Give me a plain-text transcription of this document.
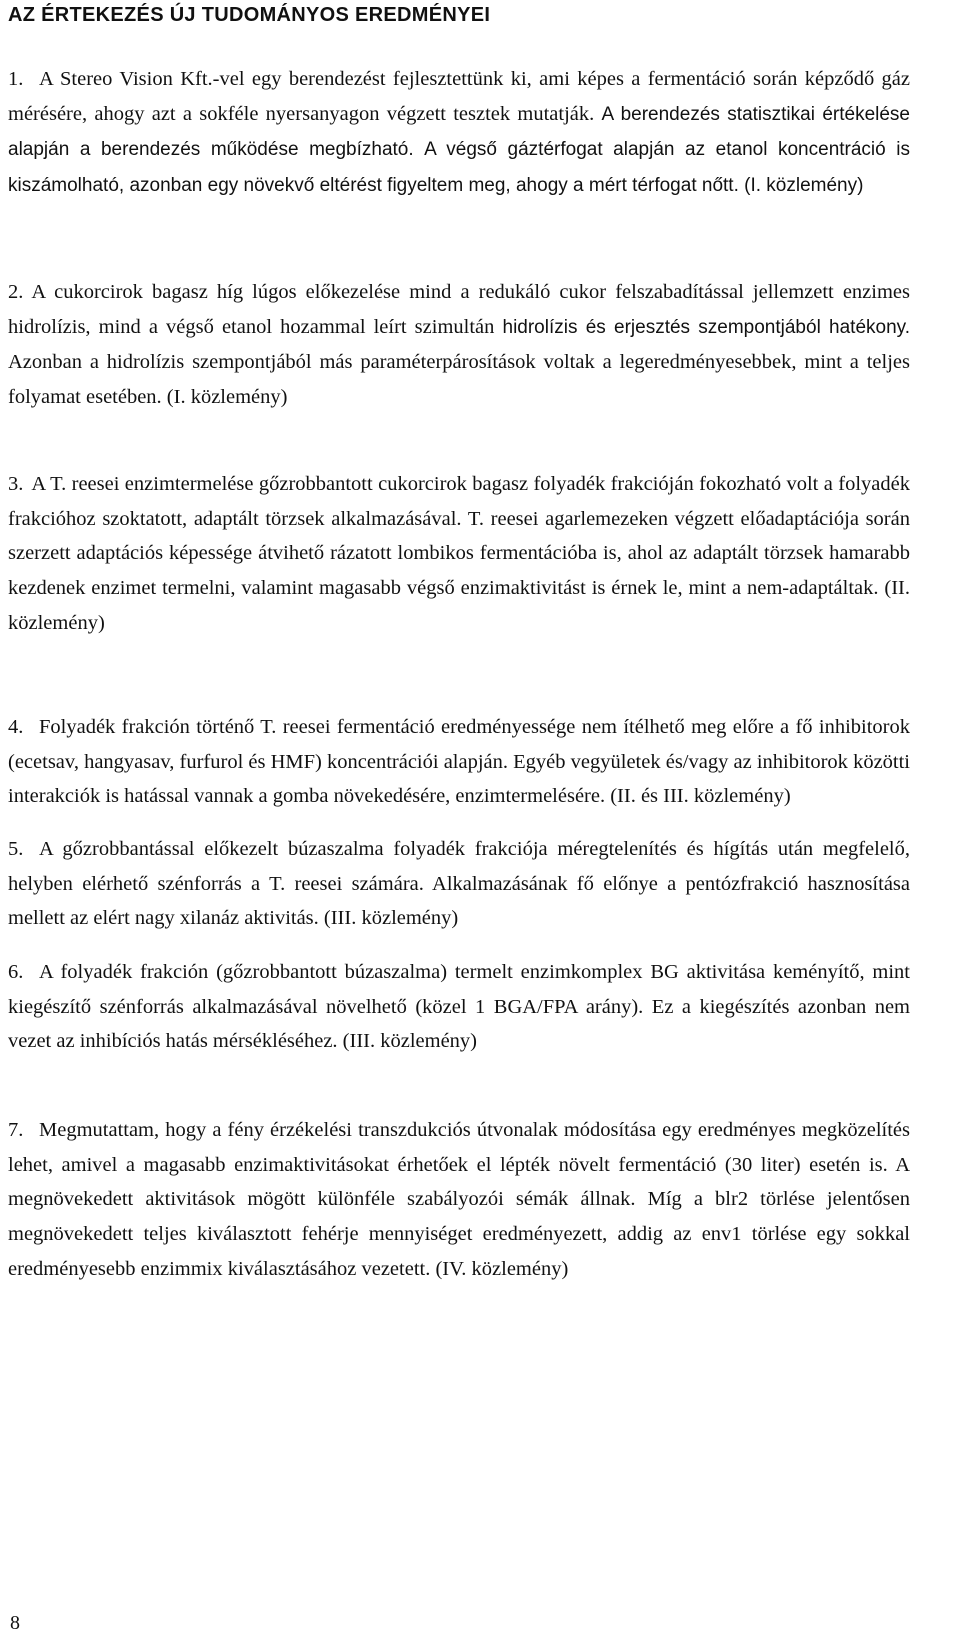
AZ ÉRTEKEZÉS ÚJ TUDOMÁNYOS EREDMÉNYEI
1. A Stereo Vision Kft.-vel egy berendezést fejlesztettünk ki, ami képes a fermentáció során képződő gáz mérésére, ahogy azt a sokféle nyersanyagon végzett tesztek mutatják. A berendezés statisztikai értékelése alapján a berendezés működése megbízható. A végső gáztérfogat alapján az etanol koncentráció is kiszámolható, azonban egy növekvő eltérést figyeltem meg, ahogy a mért térfogat nőtt. (I. közlemény)
2. A cukorcirok bagasz híg lúgos előkezelése mind a redukáló cukor felszabadítással jellemzett enzimes hidrolízis, mind a végső etanol hozammal leírt szimultán hidrolízis és erjesztés szempontjából hatékony. Azonban a hidrolízis szempontjából más paraméterpárosítások voltak a legeredményesebbek, mint a teljes folyamat esetében. (I. közlemény)
3. A T. reesei enzimtermelése gőzrobbantott cukorcirok bagasz folyadék frakcióján fokozható volt a folyadék frakcióhoz szoktatott, adaptált törzsek alkalmazásával. T. reesei agarlemezeken végzett előadaptációja során szerzett adaptációs képessége átvihető rázatott lombikos fermentációba is, ahol az adaptált törzsek hamarabb kezdenek enzimet termelni, valamint magasabb végső enzimaktivitást is érnek le, mint a nem-adaptáltak. (II. közlemény)
4. Folyadék frakción történő T. reesei fermentáció eredményessége nem ítélhető meg előre a fő inhibitorok (ecetsav, hangyasav, furfurol és HMF) koncentrációi alapján. Egyéb vegyületek és/vagy az inhibitorok közötti interakciók is hatással vannak a gomba növekedésére, enzimtermelésére. (II. és III. közlemény)
5. A gőzrobbantással előkezelt búzaszalma folyadék frakciója méregtelenítés és hígítás után megfelelő, helyben elérhető szénforrás a T. reesei számára. Alkalmazásának fő előnye a pentózfrakció hasznosítása mellett az elért nagy xilanáz aktivitás. (III. közlemény)
6. A folyadék frakción (gőzrobbantott búzaszalma) termelt enzimkomplex BG aktivitása keményítő, mint kiegészítő szénforrás alkalmazásával növelhető (közel 1 BGA/FPA arány). Ez a kiegészítés azonban nem vezet az inhibíciós hatás mérsékléséhez. (III. közlemény)
7. Megmutattam, hogy a fény érzékelési transzdukciós útvonalak módosítása egy eredményes megközelítés lehet, amivel a magasabb enzimaktivitásokat érhetőek el lépték növelt fermentáció (30 liter) esetén is. A megnövekedett aktivitások mögött különféle szabályozói sémák állnak. Míg a blr2 törlése jelentősen megnövekedett teljes kiválasztott fehérje mennyiséget eredményezett, addig az env1 törlése egy sokkal eredményesebb enzimmix kiválasztásához vezetett. (IV. közlemény)
8
